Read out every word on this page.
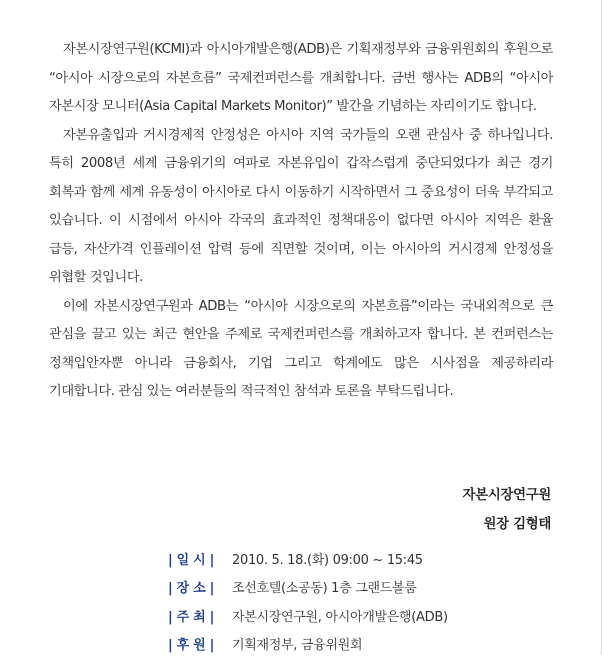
자본시장연구원(KCMI)과 아시아개발은행(ADB)은 기획재정부와 금융위원회의 후원으로 “아시아 시장으로의 자본흐름” 국제컨퍼런스를 개최합니다. 금번 행사는 ADB의 “아시아 자본시장 모니터(Asia Capital Markets Monitor)” 발간을 기념하는 자리이기도 합니다.

자본유출입과 거시경제적 안정성은 아시아 지역 국가들의 오랜 관심사 중 하나입니다. 특히 2008년 세계 금융위기의 여파로 자본유입이 갑작스럽게 중단되었다가 최근 경기 회복과 함께 세계 유동성이 아시아로 다시 이동하기 시작하면서 그 중요성이 더욱 부각되고 있습니다. 이 시점에서 아시아 각국의 효과적인 정책대응이 없다면 아시아 지역은 환율 급등, 자산가격 인플레이션 압력 등에 직면할 것이며, 이는 아시아의 거시경제 안정성을 위협할 것입니다.

이에 자본시장연구원과 ADB는 “아시아 시장으로의 자본흐름”이라는 국내외적으로 큰 관심을 끌고 있는 최근 현안을 주제로 국제컨퍼런스를 개최하고자 합니다. 본 컨퍼런스는 정책입안자뿐 아니라 금융회사, 기업 그리고 학계에도 많은 시사점을 제공하리라 기대합니다. 관심 있는 여러분들의 적극적인 참석과 토론을 부탁드립니다.

자본시장연구원
원장 김형태
| 일 시 |	2010. 5. 18.(화) 09:00 ~ 15:45
| 장 소 |	조선호텔(소공동) 1층 그랜드볼룸
| 주 최 |	자본시장연구원, 아시아개발은행(ADB)
| 후 원 |	기획재정부, 금융위원회
